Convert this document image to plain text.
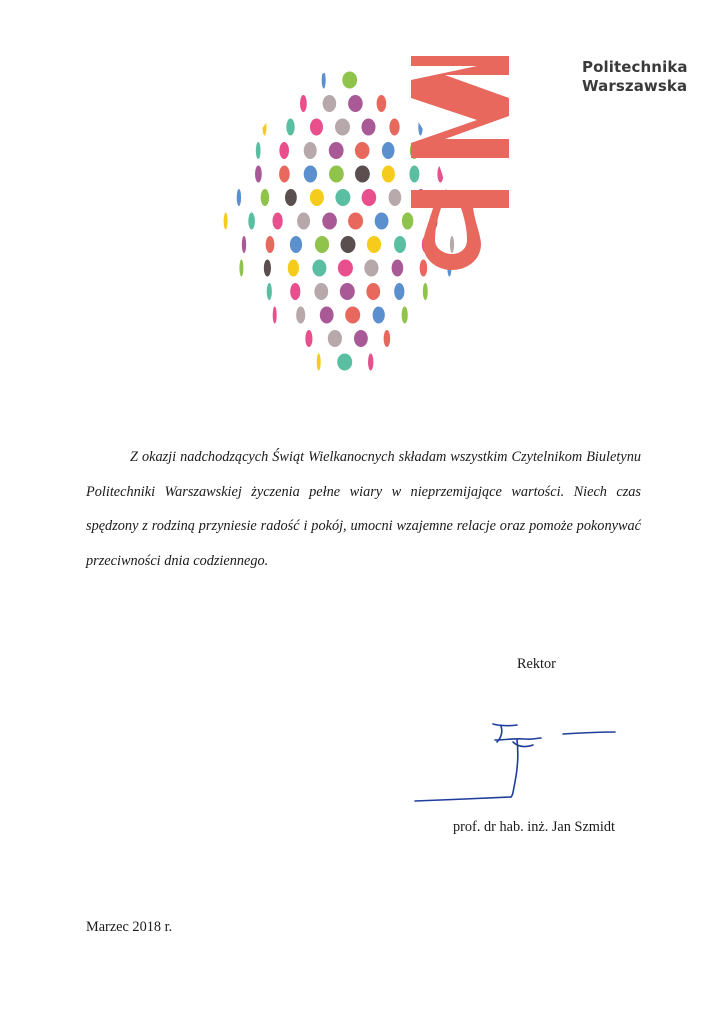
Politechnika
Warszawska
Z okazji nadchodzących Świąt Wielkanocnych składam wszystkim Czytelnikom Biuletynu Politechniki Warszawskiej życzenia pełne wiary w nieprzemijające wartości. Niech czas spędzony z rodziną przyniesie radość i pokój, umocni wzajemne relacje oraz pomoże pokonywać przeciwności dnia codziennego.
Rektor
prof. dr hab. inż. Jan Szmidt
Marzec 2018 r.
